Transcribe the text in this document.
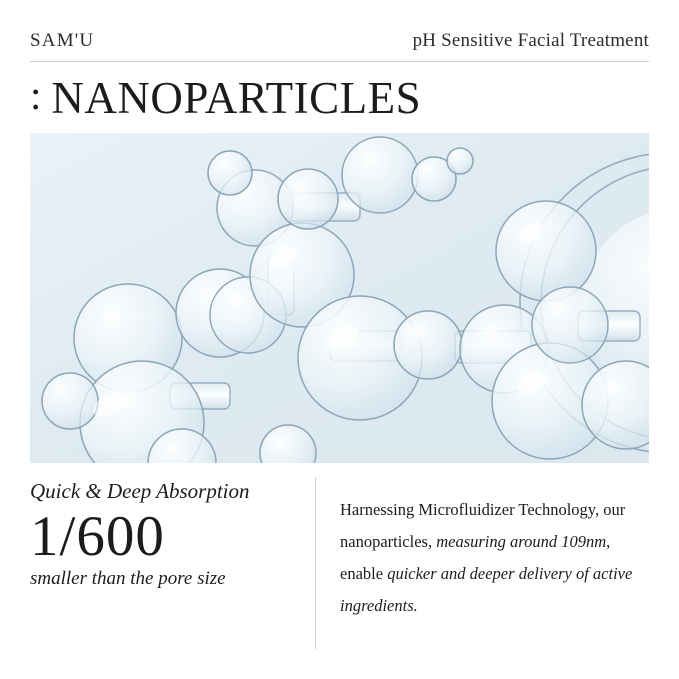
SAM'U	pH Sensitive Facial Treatment
: NANOPARTICLES
Quick & Deep Absorption
1/600
smaller than the pore size

Harnessing Microfluidizer Technology, our nanoparticles, measuring around 109nm, enable quicker and deeper delivery of active ingredients.
